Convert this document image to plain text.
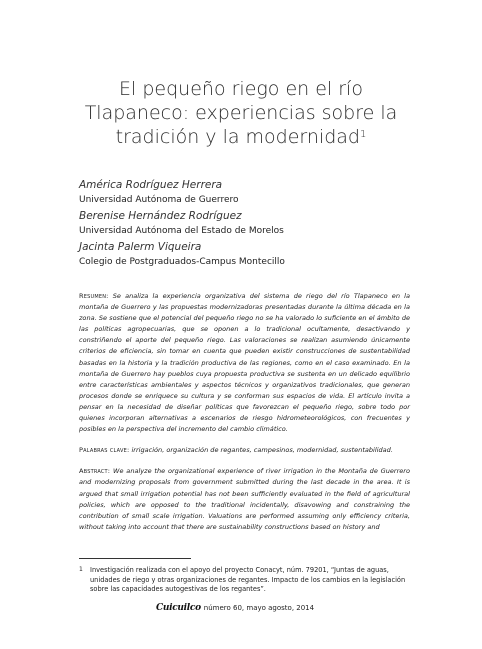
El pequeño riego en el río
Tlapaneco: experiencias sobre la
tradición y la modernidad$^1$
América Rodríguez Herrera
Universidad Autónoma de Guerrero
Berenise Hernández Rodríguez
Universidad Autónoma del Estado de Morelos
Jacinta Palerm Viqueira
Colegio de Postgraduados-Campus Montecillo

Resumen: Se analiza la experiencia organizativa del sistema de riego del río Tlapaneco en la montaña de Guerrero y las propuestas modernizadoras presentadas durante la última década en la zona. Se sostiene que el potencial del pequeño riego no se ha valorado lo suficiente en el ámbito de las políticas agropecuarias, que se oponen a lo tradicional ocultamente, desactivando y constriñendo el aporte del pequeño riego. Las valoraciones se realizan asumiendo únicamente criterios de eficiencia, sin tomar en cuenta que pueden existir construcciones de sustentabilidad basadas en la historia y la tradición productiva de las regiones, como en el caso examinado. En la montaña de Guerrero hay pueblos cuya propuesta productiva se sustenta en un delicado equilibrio entre características ambientales y aspectos técnicos y organizativos tradicionales, que generan procesos donde se enriquece su cultura y se conforman sus espacios de vida. El artículo invita a pensar en la necesidad de diseñar políticas que favorezcan el pequeño riego, sobre todo por quienes incorporan alternativas a escenarios de riesgo hidrometeorológicos, con frecuentes y posibles en la perspectiva del incremento del cambio climático.

Palabras clave: irrigación, organización de regantes, campesinos, modernidad, sustentabilidad.

Abstract: We analyze the organizational experience of river irrigation in the Montaña de Guerrero and modernizing proposals from government submitted during the last decade in the area. It is argued that small irrigation potential has not been sufficiently evaluated in the field of agricultural policies, which are opposed to the traditional incidentally, disavowing and constraining the contribution of small scale irrigation. Valuations are performed assuming only efficiency criteria, without taking into account that there are sustainability constructions based on history and

1 Investigación realizada con el apoyo del proyecto Conacyt, núm. 79201, “Juntas de aguas, unidades de riego y otras organizaciones de regantes. Impacto de los cambios en la legislación sobre las capacidades autogestivas de los regantes”.
Cuicuilco número 60, mayo agosto, 2014
